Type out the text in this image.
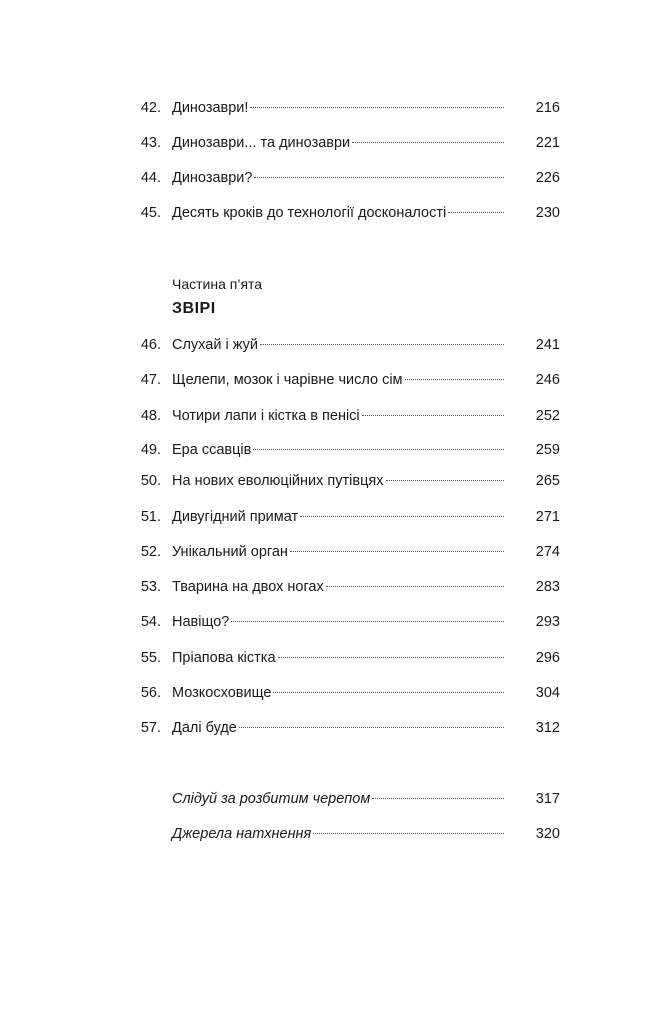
42. Динозаври!	216
43. Динозаври... та динозаври	221
44. Динозаври?	226
45. Десять кроків до технології досконалості	230
Частина п’ята
ЗВІРІ
46. Слухай і жуй	241
47. Щелепи, мозок і чарівне число сім	246
48. Чотири лапи і кістка в пенісі	252
49. Ера ссавців	259
50. На нових еволюційних путівцях	265
51. Дивугідний примат	271
52. Унікальний орган	274
53. Тварина на двох ногах	283
54. Навіщо?	293
55. Пріапова кістка	296
56. Мозкосховище	304
57. Далі буде	312
Слідуй за розбитим черепом	317
Джерела натхнення	320
